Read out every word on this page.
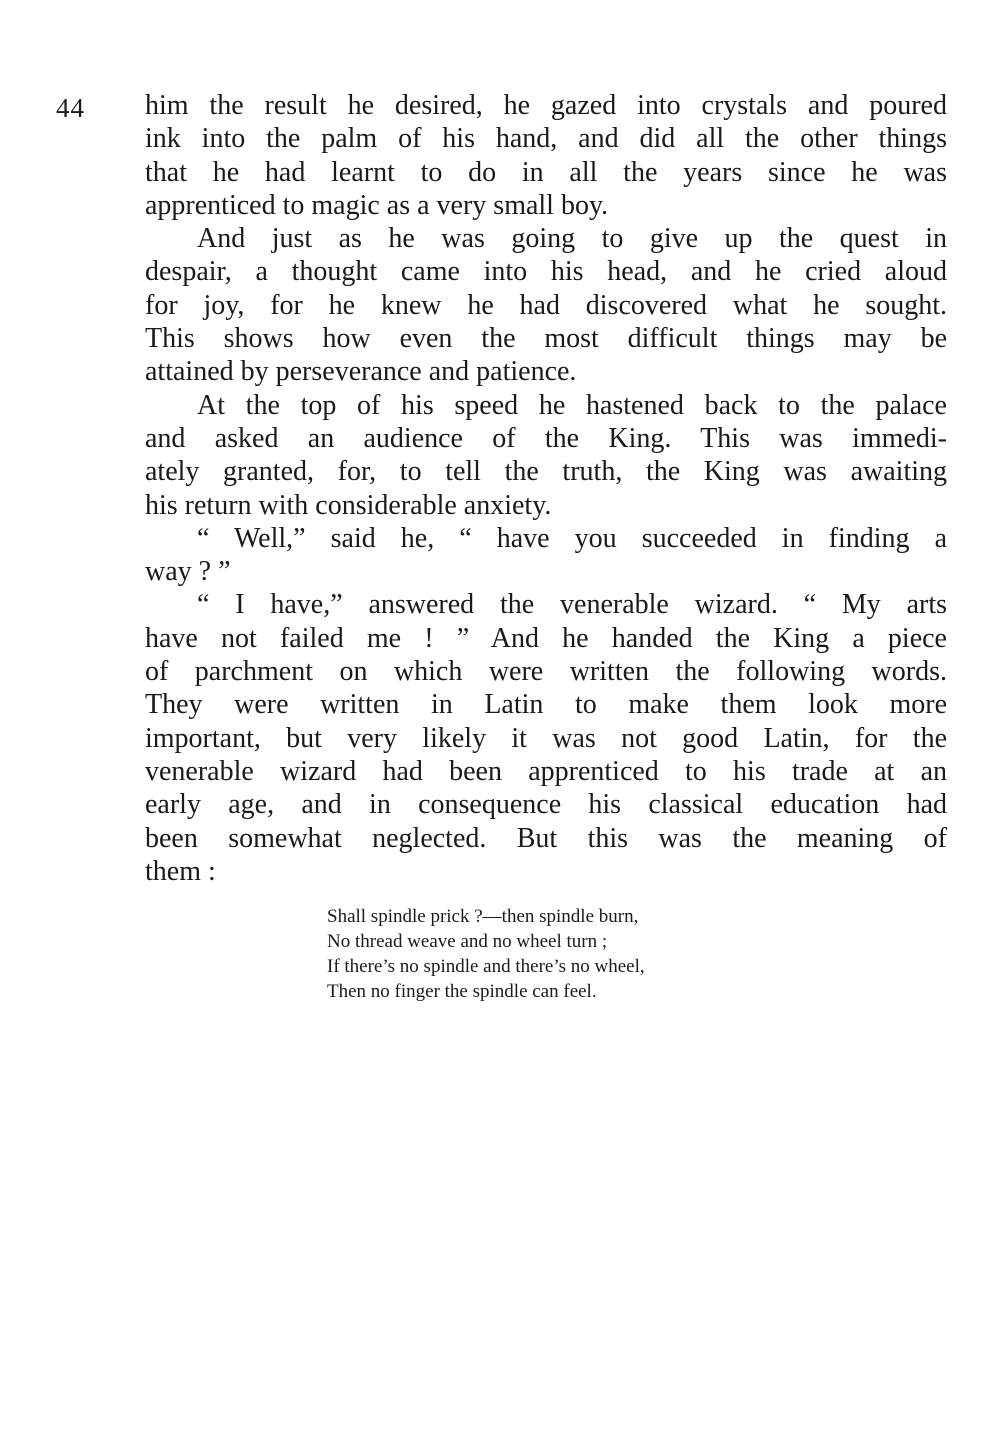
44 him the result he desired, he gazed into crystals and poured
ink into the palm of his hand, and did all the other things
that he had learnt to do in all the years since he was
apprenticed to magic as a very small boy.
And just as he was going to give up the quest in
despair, a thought came into his head, and he cried aloud
for joy, for he knew he had discovered what he sought.
This shows how even the most difficult things may be
attained by perseverance and patience.
At the top of his speed he hastened back to the palace
and asked an audience of the King. This was immedi-
ately granted, for, to tell the truth, the King was awaiting
his return with considerable anxiety.
“ Well,” said he, “ have you succeeded in finding a
way ? ”
“ I have,” answered the venerable wizard. “ My arts
have not failed me ! ” And he handed the King a piece
of parchment on which were written the following words.
They were written in Latin to make them look more
important, but very likely it was not good Latin, for the
venerable wizard had been apprenticed to his trade at an
early age, and in consequence his classical education had
been somewhat neglected. But this was the meaning of
them :
Shall spindle prick ?—then spindle burn,
No thread weave and no wheel turn ;
If there’s no spindle and there’s no wheel,
Then no finger the spindle can feel.
